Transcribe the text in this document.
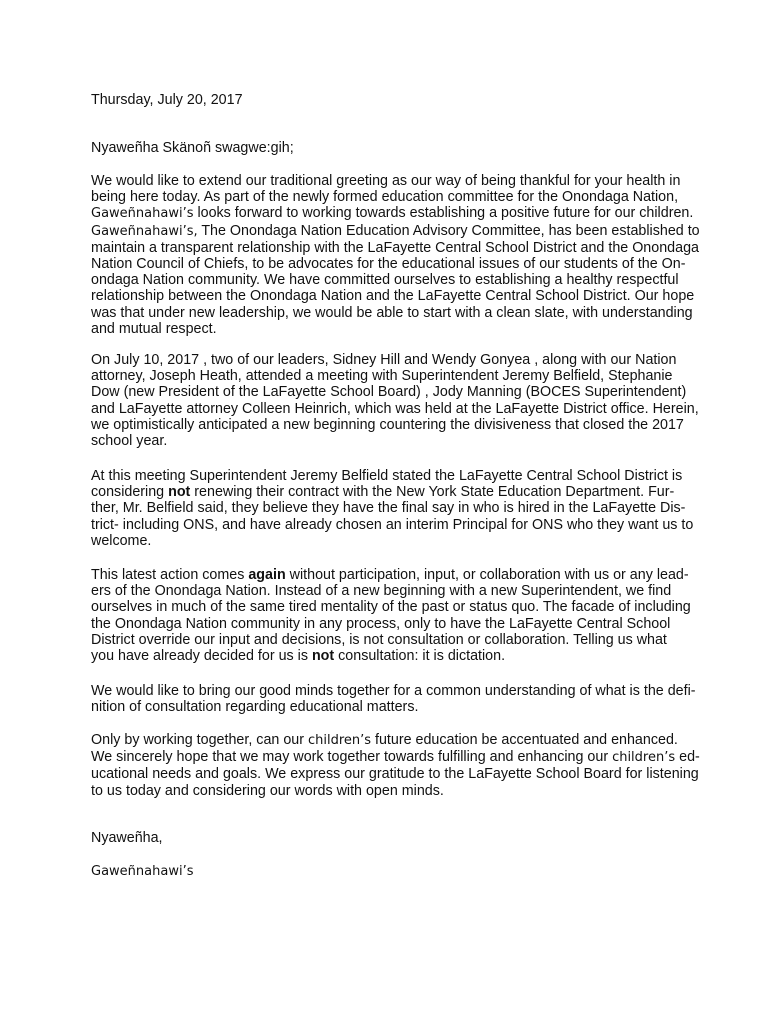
Thursday, July 20, 2017

Nyaweñha Skänoñ swagwe:gih;

We would like to extend our traditional greeting as our way of being thankful for your health in
being here today. As part of the newly formed education committee for the Onondaga Nation,
Gaweñnahawi’s looks forward to working towards establishing a positive future for our children.
Gaweñnahawi’s, The Onondaga Nation Education Advisory Committee, has been established to
maintain a transparent relationship with the LaFayette Central School District and the Onondaga
Nation Council of Chiefs, to be advocates for the educational issues of our students of the On-
ondaga Nation community. We have committed ourselves to establishing a healthy respectful
relationship between the Onondaga Nation and the LaFayette Central School District. Our hope
was that under new leadership, we would be able to start with a clean slate, with understanding
and mutual respect.

On July 10, 2017 , two of our leaders, Sidney Hill and Wendy Gonyea , along with our Nation
attorney, Joseph Heath, attended a meeting with Superintendent Jeremy Belfield, Stephanie
Dow (new President of the LaFayette School Board) , Jody Manning (BOCES Superintendent)
and LaFayette attorney Colleen Heinrich, which was held at the LaFayette District office. Herein,
we optimistically anticipated a new beginning countering the divisiveness that closed the 2017
school year.

At this meeting Superintendent Jeremy Belfield stated the LaFayette Central School District is
considering not renewing their contract with the New York State Education Department. Fur-
ther, Mr. Belfield said, they believe they have the final say in who is hired in the LaFayette Dis-
trict- including ONS, and have already chosen an interim Principal for ONS who they want us to
welcome.

This latest action comes again without participation, input, or collaboration with us or any lead-
ers of the Onondaga Nation. Instead of a new beginning with a new Superintendent, we find
ourselves in much of the same tired mentality of the past or status quo. The facade of including
the Onondaga Nation community in any process, only to have the LaFayette Central School
District override our input and decisions, is not consultation or collaboration. Telling us what
you have already decided for us is not consultation: it is dictation.

We would like to bring our good minds together for a common understanding of what is the defi-
nition of consultation regarding educational matters.

Only by working together, can our children’s future education be accentuated and enhanced.
We sincerely hope that we may work together towards fulfilling and enhancing our children’s ed-
ucational needs and goals. We express our gratitude to the LaFayette School Board for listening
to us today and considering our words with open minds.

Nyaweñha,

Gaweñnahawi’s
